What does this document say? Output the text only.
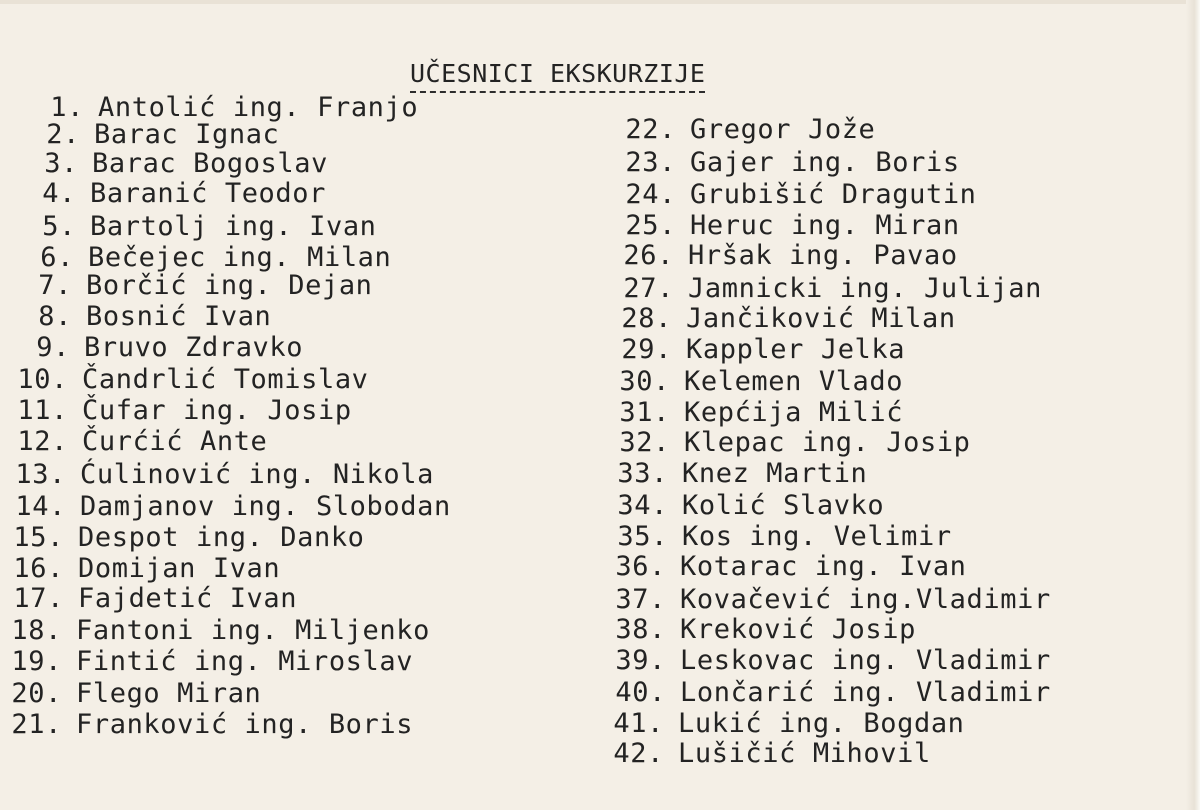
UČESNICI EKSKURZIJE
1. Antolić ing. Franjo
2. Barac Ignac
3. Barac Bogoslav
4. Baranić Teodor
5. Bartolj ing. Ivan
6. Bečejec ing. Milan
7. Borčić ing. Dejan
8. Bosnić Ivan
9. Bruvo Zdravko
10. Čandrlić Tomislav
11. Čufar ing. Josip
12. Čurćić Ante
13. Ćulinović ing. Nikola
14. Damjanov ing. Slobodan
15. Despot ing. Danko
16. Domijan Ivan
17. Fajdetić Ivan
18. Fantoni ing. Miljenko
19. Fintić ing. Miroslav
20. Flego Miran
21. Franković ing. Boris
22. Gregor Jože
23. Gajer ing. Boris
24. Grubišić Dragutin
25. Heruc ing. Miran
26. Hršak ing. Pavao
27. Jamnicki ing. Julijan
28. Jančiković Milan
29. Kappler Jelka
30. Kelemen Vlado
31. Kepćija Milić
32. Klepac ing. Josip
33. Knez Martin
34. Kolić Slavko
35. Kos ing. Velimir
36. Kotarac ing. Ivan
37. Kovačević ing.Vladimir
38. Kreković Josip
39. Leskovac ing. Vladimir
40. Lončarić ing. Vladimir
41. Lukić ing. Bogdan
42. Lušičić Mihovil
